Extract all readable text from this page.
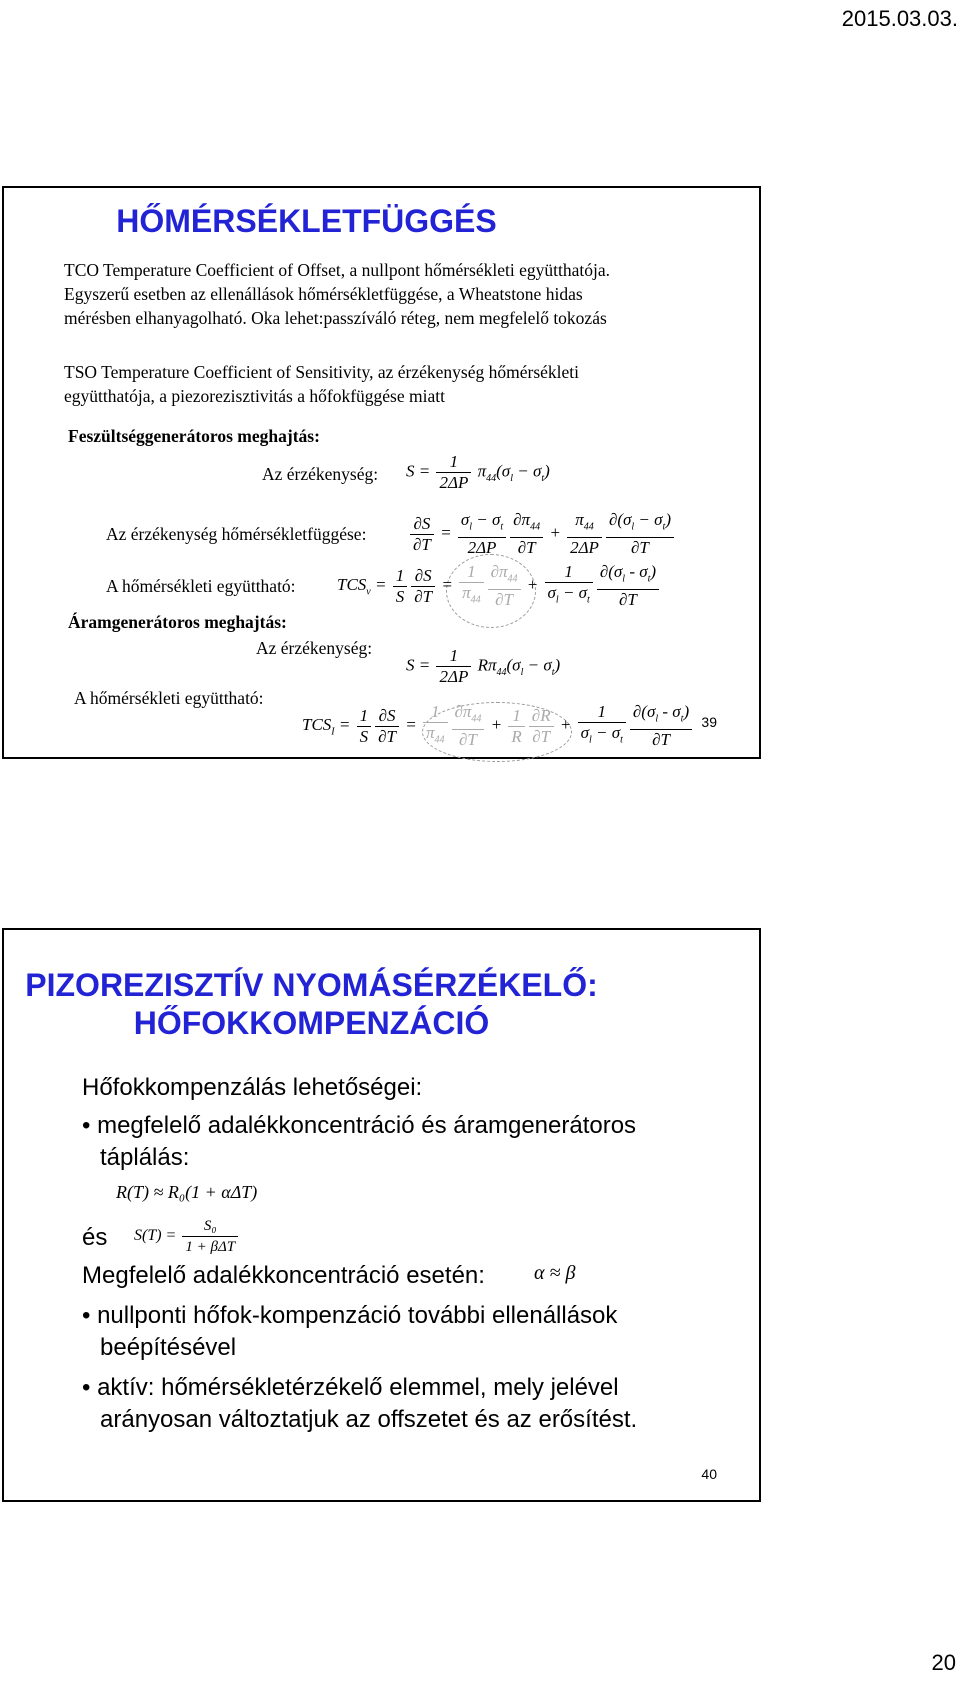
2015.03.03.
HŐMÉRSÉKLETFÜGGÉS
TCO Temperature Coefficient of Offset, a nullpont hőmérsékleti együtthatója.
Egyszerű esetben az ellenállások hőmérsékletfüggése, a Wheatstone hidas
mérésben elhanyagolható. Oka lehet:passzíváló réteg, nem megfelelő tokozás
TSO Temperature Coefficient of Sensitivity, az érzékenység hőmérsékleti
együtthatója, a piezorezisztivitás a hőfokfüggése miatt
Feszültséggenerátoros meghajtás:
Az érzékenység: $S = \frac{1}{2\Delta P} \pi_{44}(\sigma_l - \sigma_t)$
Az érzékenység hőmérsékletfüggése:	$\frac{\partial S}{\partial T} = \frac{\sigma_l - \sigma_t}{2\Delta P} \frac{\partial\pi_{44}}{\partial T} + \frac{\pi_{44}}{2\Delta P} \frac{\partial(\sigma_l - \sigma_t)}{\partial T}$
A hőmérsékleti együttható: $TCS_v = \frac{1}{S} \frac{\partial S}{\partial T} = \frac{1}{\pi_{44}} \frac{\partial\pi_{44}}{\partial T} + \frac{1}{\sigma_l - \sigma_t} \frac{\partial(\sigma_l - \sigma_t)}{\partial T}$
Áramgenerátoros meghajtás:
Az érzékenység:
$S = \frac{1}{2\Delta P} R\pi_{44}(\sigma_l - \sigma_t)$
A hőmérsékleti együttható:
$TCS_I = \frac{1}{S} \frac{\partial S}{\partial T} = \frac{1}{\pi_{44}} \frac{\partial\pi_{44}}{\partial T} + \frac{1}{R} \frac{\partial R}{\partial T} + \frac{1}{\sigma_l - \sigma_t} \frac{\partial(\sigma_l - \sigma_t)}{\partial T} 39$
PIZOREZISZTÍV NYOMÁSÉRZÉKELŐ:
HŐFOKKOMPENZÁCIÓ
Hőfokkompenzálás lehetőségei:
• megfelelő adalékkoncentráció és áramgenerátoros
táplálás:
R(T) ≈ R₀(1 + αΔT)
és $S(T) = \frac{\text{S₀}}{\text{1 + βΔT}}$
Megfelelő adalékkoncentráció esetén: α ≈ β
• nullponti hőfok-kompenzáció további ellenállások
beépítésével
• aktív: hőmérsékletérzékelő elemmel, mely jelével
arányosan változtatjuk az offszetet és az erősítést.
40
20
